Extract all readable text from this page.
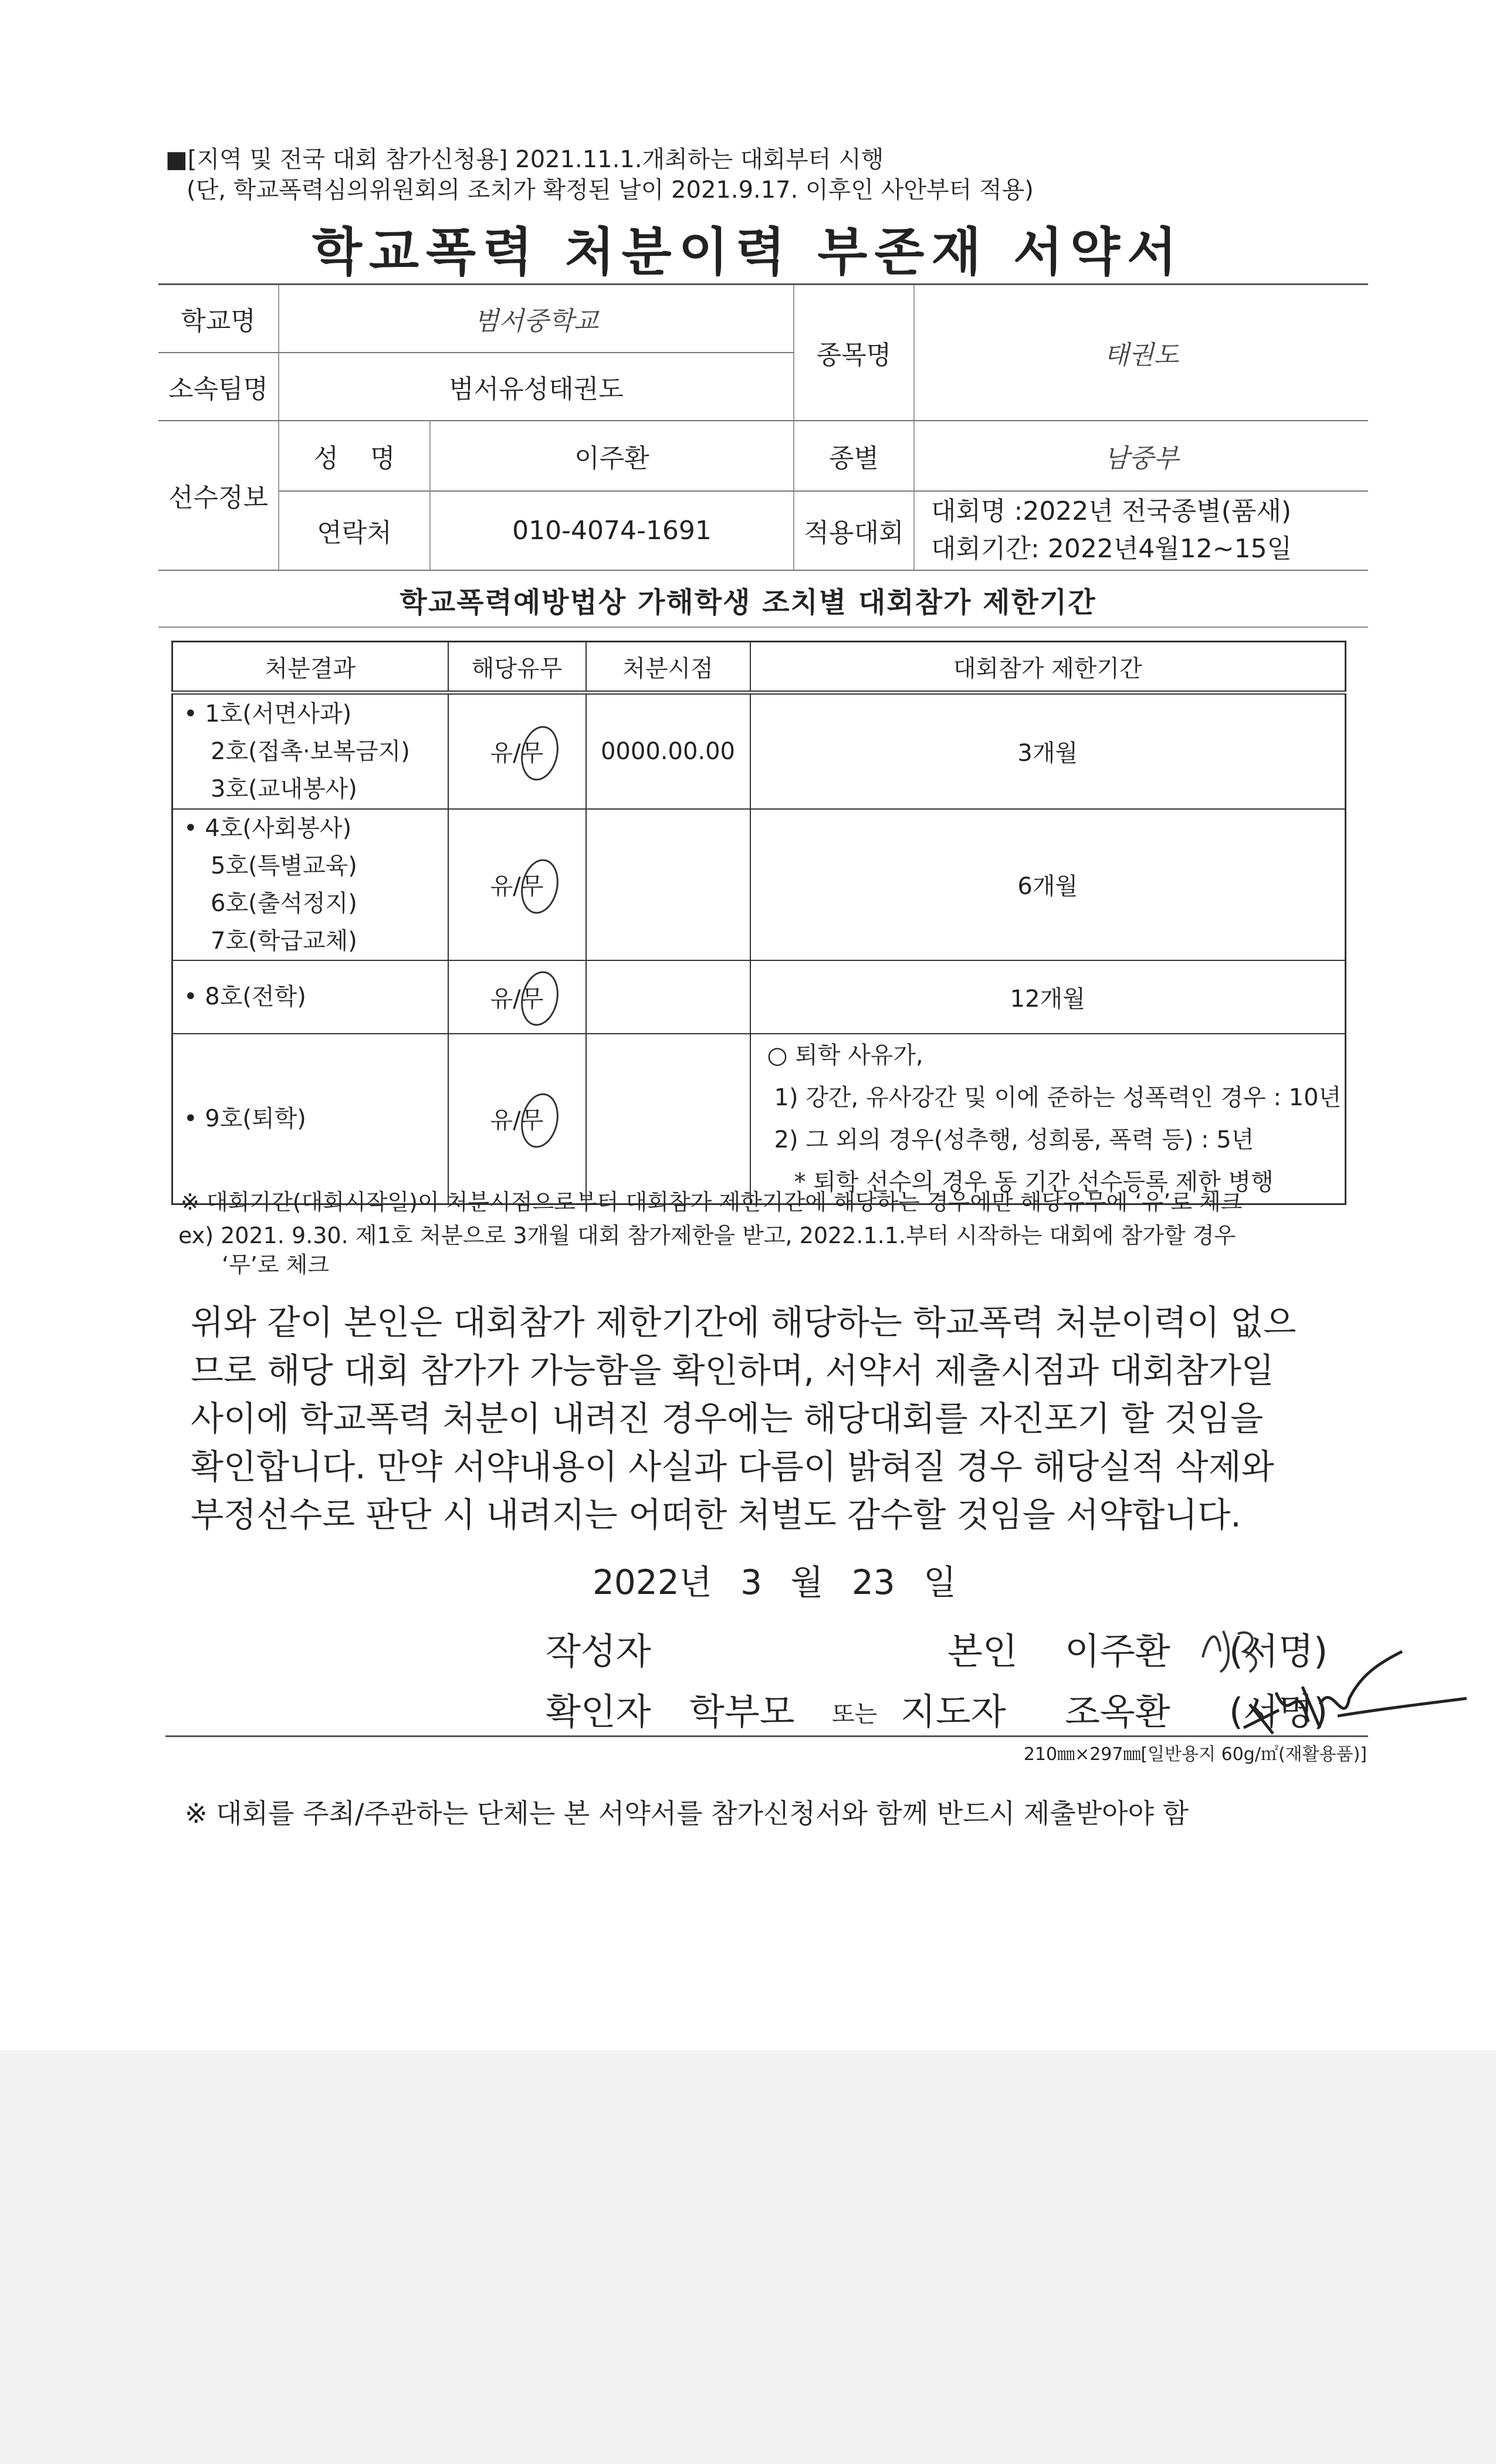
■[지역 및 전국 대회 참가신청용] 2021.11.1.개최하는 대회부터 시행
(단, 학교폭력심의위원회의 조치가 확정된 날이 2021.9.17. 이후인 사안부터 적용)
학교폭력 처분이력 부존재 서약서
학교명	범서중학교		종목명	태권도
소속팀명	범서유성태권도			
선수정보	성 명	이주환	종별	남중부
	연락처	010-4074-1691	적용대회	대회명 :2022년 전국종별(품새)
대회기간: 2022년4월12~15일
학교폭력예방법상 가해학생 조치별 대회참가 제한기간
처분결과	해당유무	처분시점	대회참가 제한기간

• 1호(서면사과)
2호(접촉·보복금지)
3호(교내봉사)	유/무	0000.00.00	3개월

• 4호(사회봉사)
5호(특별교육)
6호(출석정지)
7호(학급교체)	유/무		6개월

• 8호(전학)	유/무		12개월

• 9호(퇴학)	유/무		○ 퇴학 사유가,
1) 강간, 유사강간 및 이에 준하는 성폭력인 경우 : 10년
2) 그 외의 경우(성추행, 성희롱, 폭력 등) : 5년
* 퇴학 선수의 경우 동 기간 선수등록 제한 병행
※ 대회기간(대회시작일)이 처분시점으로부터 대회참가 제한기간에 해당하는 경우에만 해당유무에 ‘유’로 체크
ex) 2021. 9.30. 제1호 처분으로 3개월 대회 참가제한을 받고, 2022.1.1.부터 시작하는 대회에 참가할 경우
‘무’로 체크
위와 같이 본인은 대회참가 제한기간에 해당하는 학교폭력 처분이력이 없으
므로 해당 대회 참가가 가능함을 확인하며, 서약서 제출시점과 대회참가일
사이에 학교폭력 처분이 내려진 경우에는 해당대회를 자진포기 할 것임을
확인합니다. 만약 서약내용이 사실과 다름이 밝혀질 경우 해당실적 삭제와
부정선수로 판단 시 내려지는 어떠한 처벌도 감수할 것임을 서약합니다.
2022년 3 월 23 일
작성자	본인 이주환 (서명)
확인자 학부모 또는 지도자 조옥환 (서명)
210㎜×297㎜[일반용지 60g/㎡(재활용품)]
※ 대회를 주최/주관하는 단체는 본 서약서를 참가신청서와 함께 반드시 제출받아야 함
